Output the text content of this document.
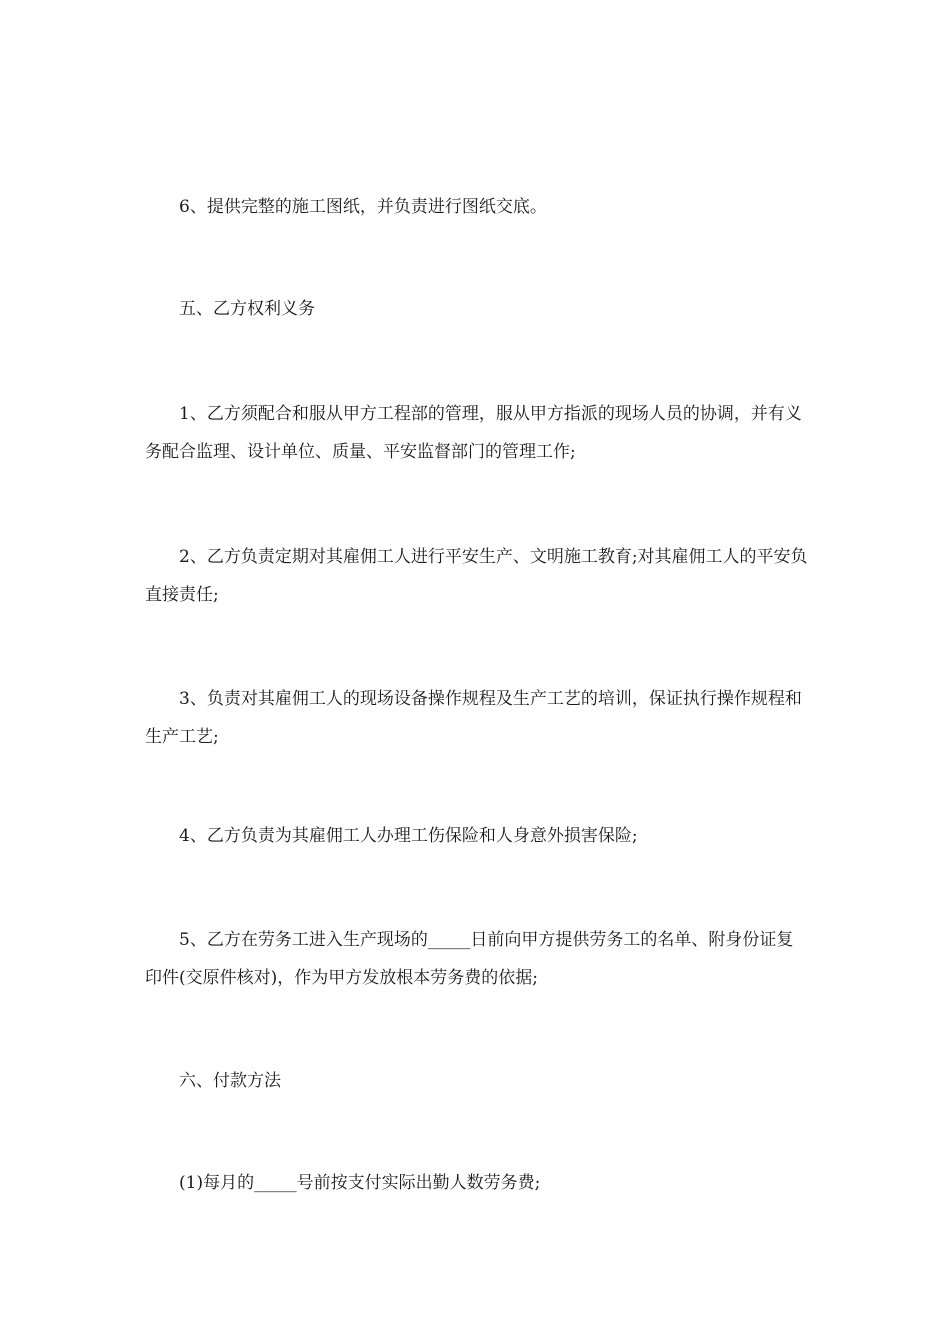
6、提供完整的施工图纸，并负责进行图纸交底。

五、乙方权利义务

1、乙方须配合和服从甲方工程部的管理，服从甲方指派的现场人员的协调，并有义务配合监理、设计单位、质量、平安监督部门的管理工作;

2、乙方负责定期对其雇佣工人进行平安生产、文明施工教育;对其雇佣工人的平安负直接责任;

3、负责对其雇佣工人的现场设备操作规程及生产工艺的培训，保证执行操作规程和生产工艺;

4、乙方负责为其雇佣工人办理工伤保险和人身意外损害保险;

5、乙方在劳务工进入生产现场的_____日前向甲方提供劳务工的名单、附身份证复印件(交原件核对)，作为甲方发放根本劳务费的依据;

六、付款方法

(1)每月的_____号前按支付实际出勤人数劳务费;
